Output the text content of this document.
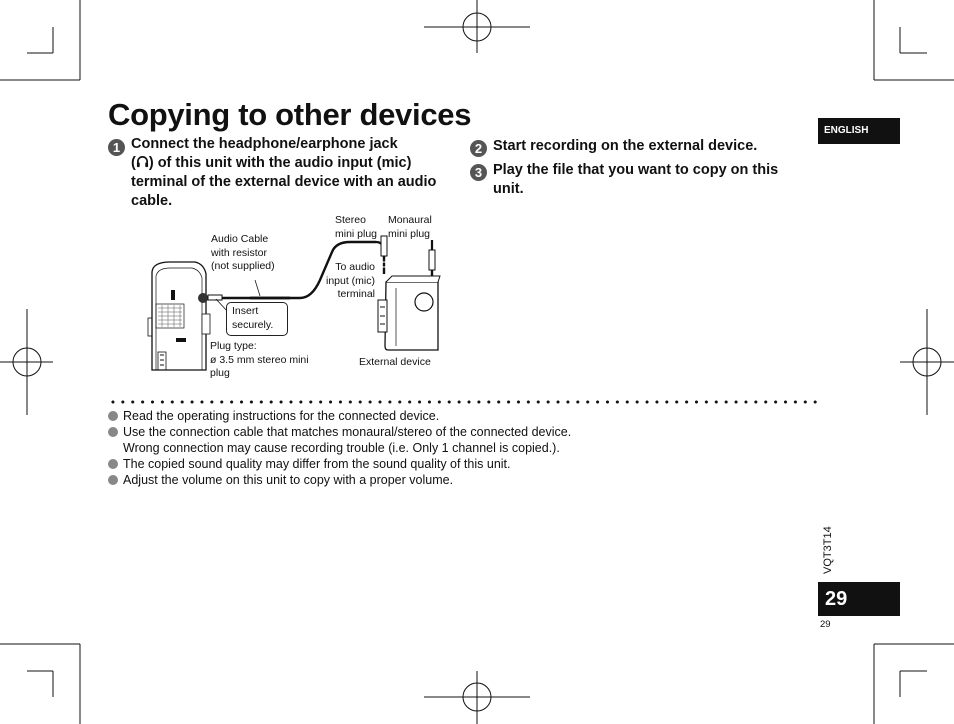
Copying to other devices
1 Connect the headphone/earphone jack
( ) of this unit with the audio input (mic)
terminal of the external device with an audio
cable.
2 Start recording on the external device.
3 Play the file that you want to copy on this
unit.
Insert
securely.
Audio Cable
with resistor
(not supplied)
Stereo
mini plug
Monaural
mini plug
To audio
input (mic)
terminal
Plug type:
ø 3.5 mm stereo mini
plug
External device
Read the operating instructions for the connected device.
Use the connection cable that matches monaural/stereo of the connected device.
Wrong connection may cause recording trouble (i.e. Only 1 channel is copied.).
The copied sound quality may differ from the sound quality of this unit.
Adjust the volume on this unit to copy with a proper volume.
ENGLISH
VQT3T14
29
29
